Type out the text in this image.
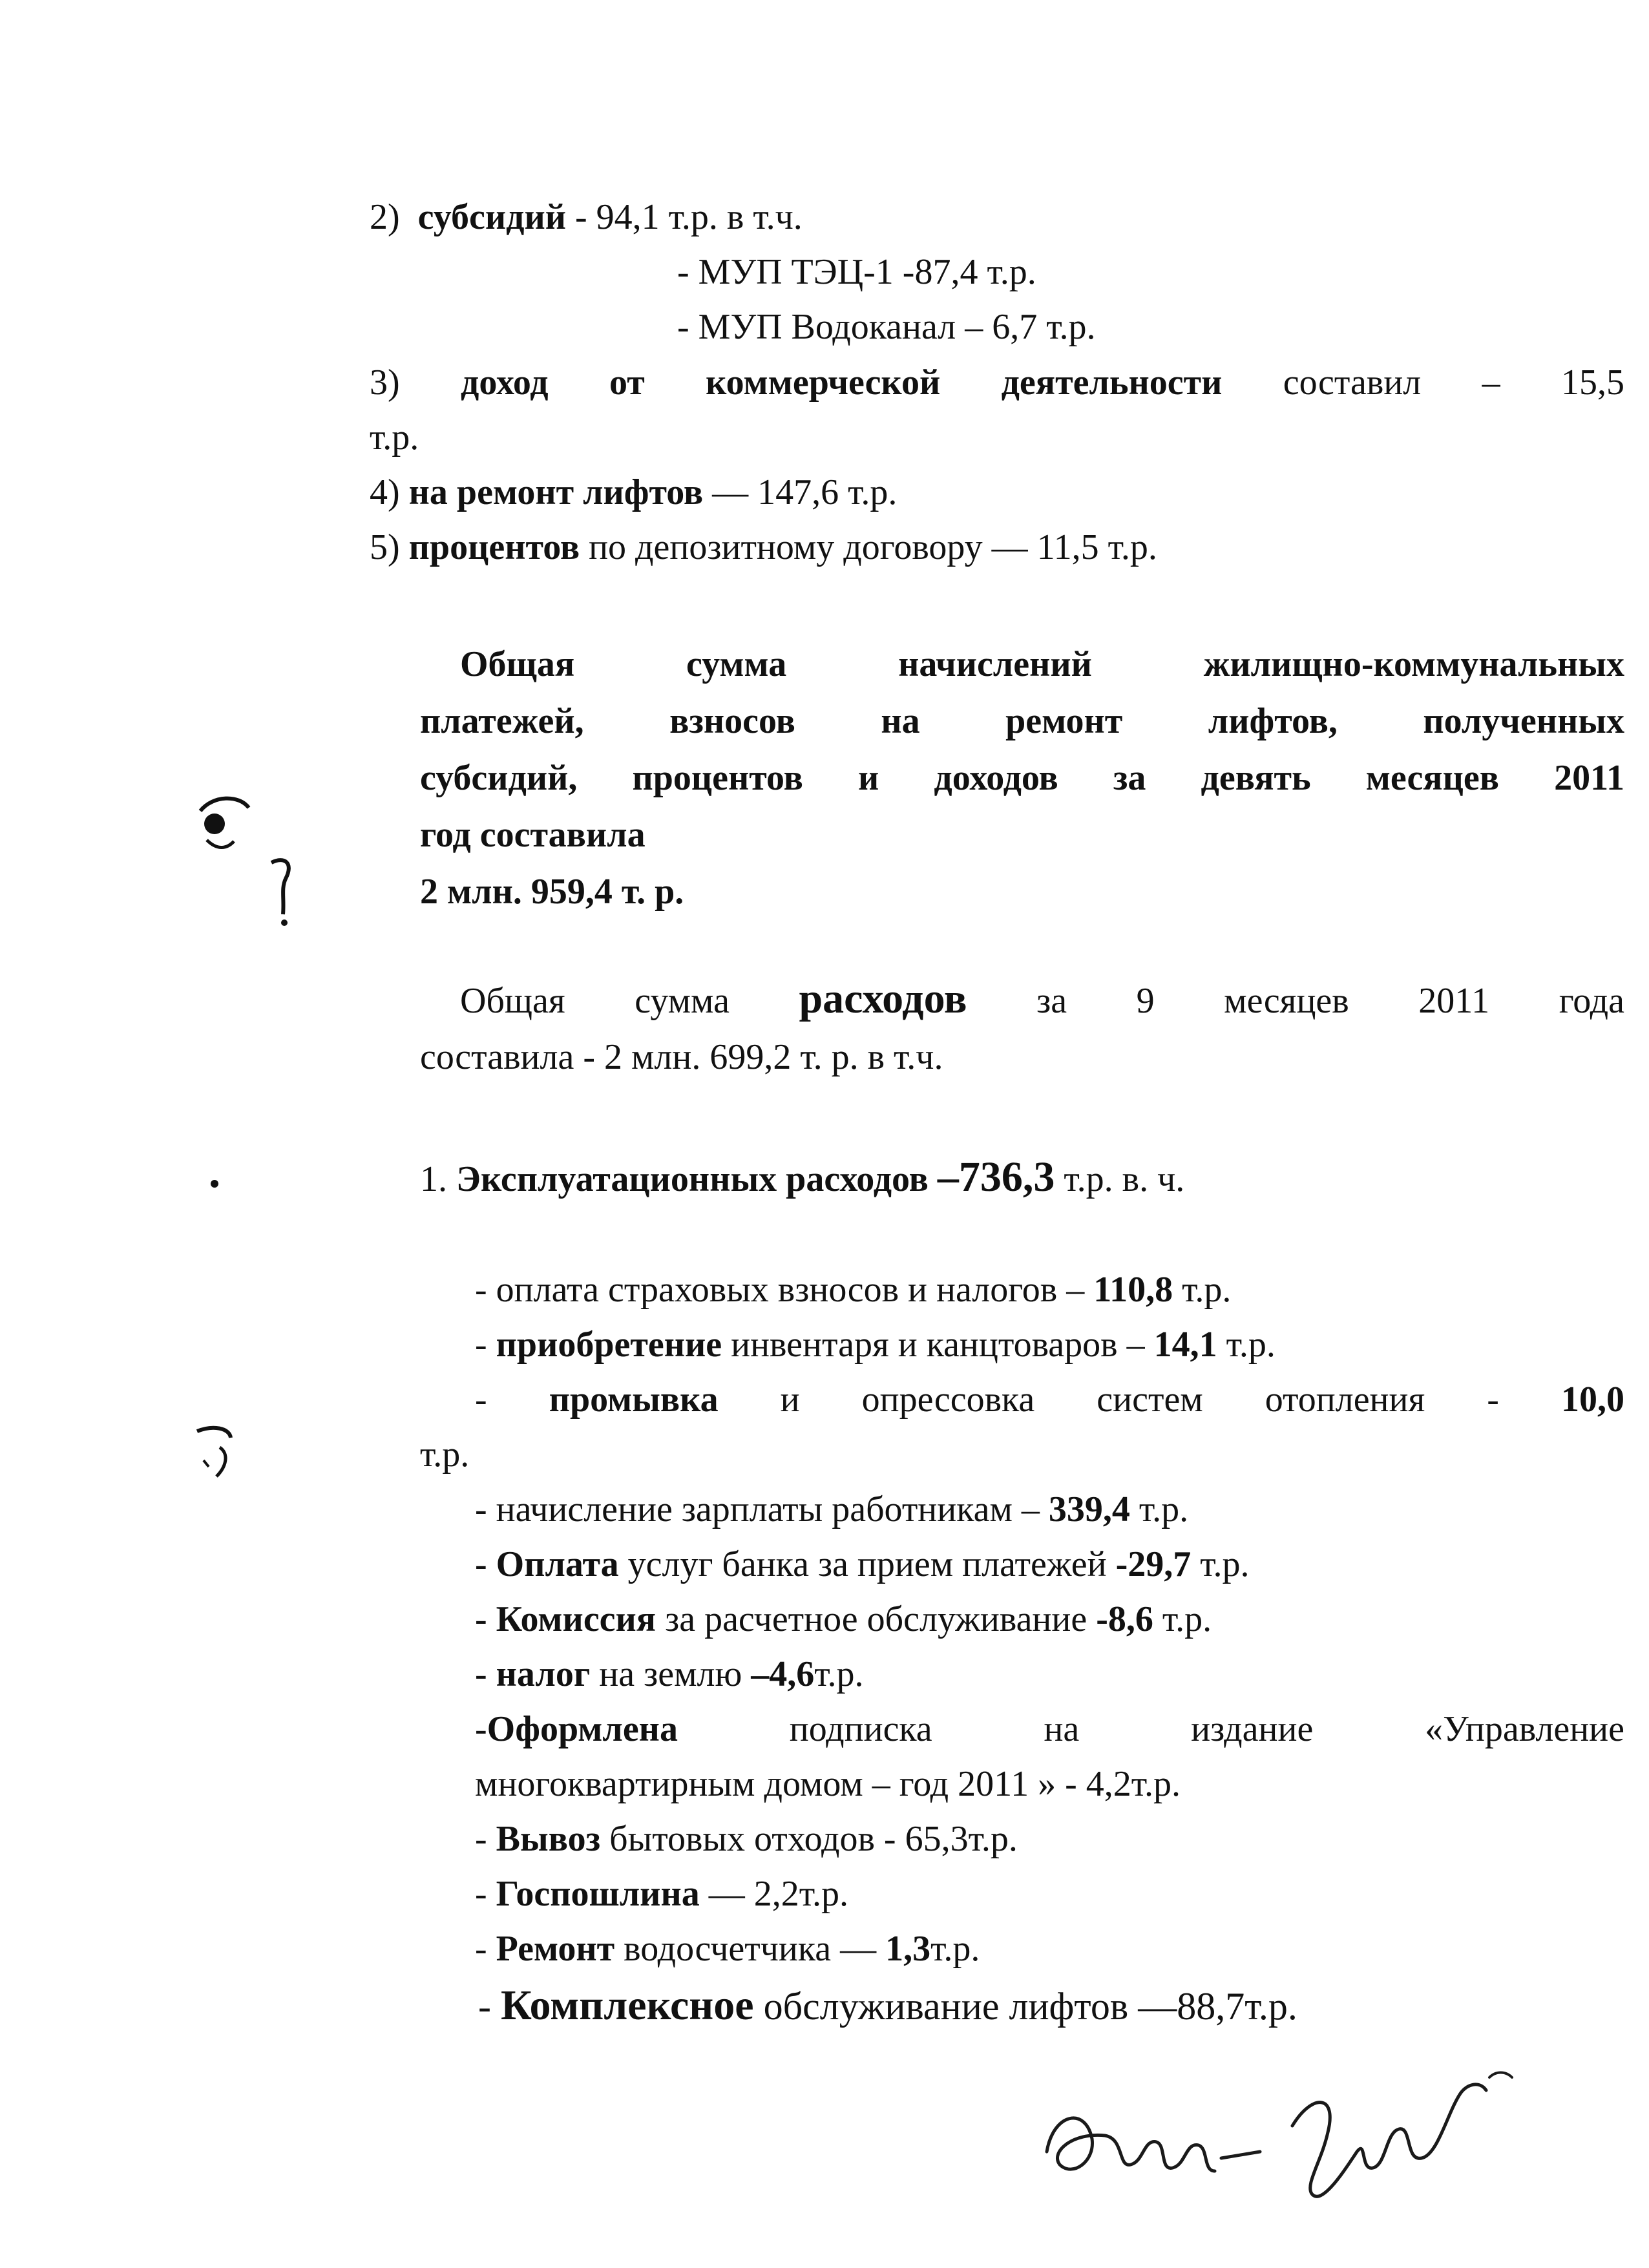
2) субсидий - 94,1 т.р. в т.ч.

- МУП ТЭЦ-1 -87,4 т.р.

- МУП Водоканал – 6,7 т.р.

3) доход от коммерческой деятельности составил – 15,5

т.р.

4) на ремонт лифтов — 147,6 т.р.

5) процентов по депозитному договору — 11,5 т.р.

Общая сумма начислений жилищно-коммунальных

платежей, взносов на ремонт лифтов, полученных

субсидий, процентов и доходов за девять месяцев 2011

год составила

2 млн. 959,4 т. р.

Общая сумма расходов за 9 месяцев 2011 года

составила - 2 млн. 699,2 т. р. в т.ч.

1. Эксплуатационных расходов –736,3 т.р. в. ч.

- оплата страховых взносов и налогов – 110,8 т.р.

- приобретение инвентаря и канцтоваров – 14,1 т.р.

- промывка и опрессовка систем отопления - 10,0

т.р.

- начисление зарплаты работникам – 339,4 т.р.

- Оплата услуг банка за прием платежей -29,7 т.р.

- Комиссия за расчетное обслуживание -8,6 т.р.

- налог на землю –4,6т.р.

-Оформлена подписка на издание «Управление

многоквартирным домом – год 2011 » - 4,2т.р.

- Вывоз бытовых отходов - 65,3т.р.

- Госпошлина — 2,2т.р.

- Ремонт водосчетчика — 1,3т.р.

- Комплексное обслуживание лифтов —88,7т.р.
